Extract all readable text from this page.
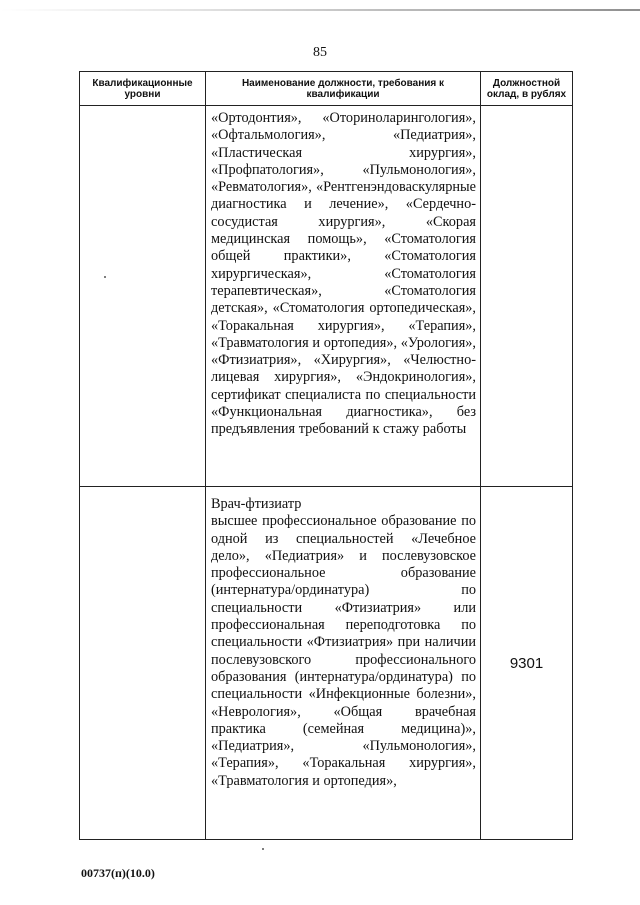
85
Квалификационные уровни	Наименование должности, требования к квалификации	Должностной оклад, в рублях

	«Ортодонтия», «Оториноларингология», «Офтальмология», «Педиатрия», «Пластическая хирургия», «Профпатология», «Пульмонология», «Ревматология», «Рентгенэндоваскулярные диагностика и лечение», «Сердечно-сосудистая хирургия», «Скорая медицинская помощь», «Стоматология общей практики», «Стоматология хирургическая», «Стоматология терапевтическая», «Стоматология детская», «Стоматология ортопедическая», «Торакальная хирургия», «Терапия», «Травматология и ортопедия», «Урология», «Фтизиатрия», «Хирургия», «Челюстно-лицевая хирургия», «Эндокринология», сертификат специалиста по специальности «Функциональная диагностика», без предъявления требований к стажу работы	

	Врач-фтизиатр
высшее профессиональное образование по одной из специальностей «Лечебное дело», «Педиатрия» и послевузовское профессиональное образование (интернатура/ординатура) по специальности «Фтизиатрия» или профессиональная переподготовка по специальности «Фтизиатрия» при наличии послевузовского профессионального образования (интернатура/ординатура) по специальности «Инфекционные болезни», «Неврология», «Общая врачебная практика (семейная медицина)», «Педиатрия», «Пульмонология», «Терапия», «Торакальная хирургия», «Травматология и ортопедия»,	9301
00737(п)(10.0)
